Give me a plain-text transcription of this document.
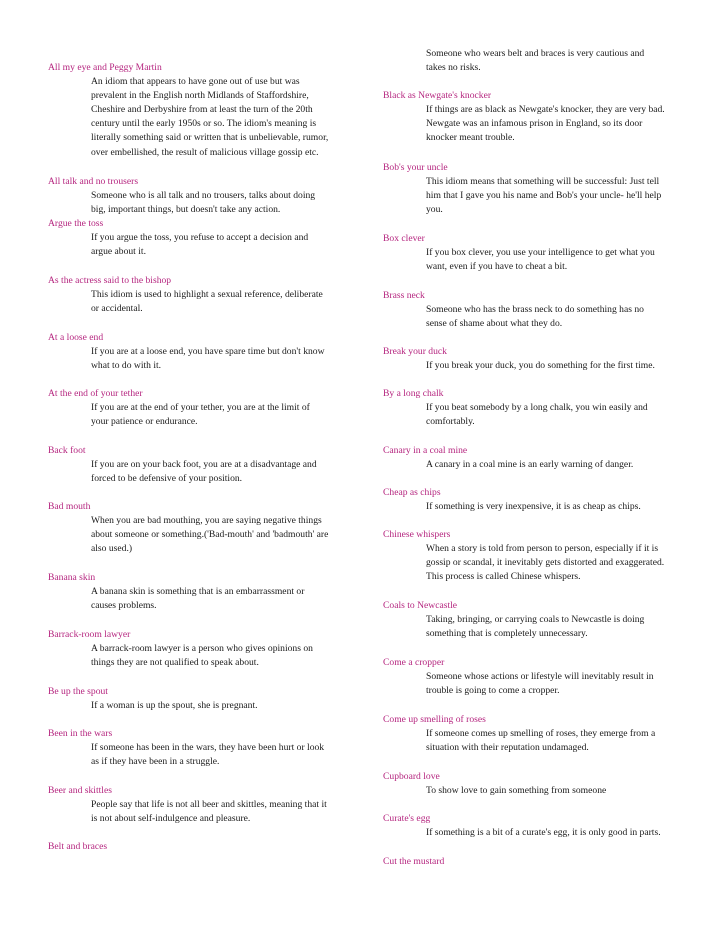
All my eye and Peggy Martin
An idiom that appears to have gone out of use but was
prevalent in the English north Midlands of Staffordshire,
Cheshire and Derbyshire from at least the turn of the 20th
century until the early 1950s or so. The idiom's meaning is
literally something said or written that is unbelievable, rumor,
over embellished, the result of malicious village gossip etc.
All talk and no trousers
Someone who is all talk and no trousers, talks about doing
big, important things, but doesn't take any action.
Argue the toss
If you argue the toss, you refuse to accept a decision and
argue about it.
As the actress said to the bishop
This idiom is used to highlight a sexual reference, deliberate
or accidental.
At a loose end
If you are at a loose end, you have spare time but don't know
what to do with it.
At the end of your tether
If you are at the end of your tether, you are at the limit of
your patience or endurance.
Back foot
If you are on your back foot, you are at a disadvantage and
forced to be defensive of your position.
Bad mouth
When you are bad mouthing, you are saying negative things
about someone or something.('Bad-mouth' and 'badmouth' are
also used.)
Banana skin
A banana skin is something that is an embarrassment or
causes problems.
Barrack-room lawyer
A barrack-room lawyer is a person who gives opinions on
things they are not qualified to speak about.
Be up the spout
If a woman is up the spout, she is pregnant.
Been in the wars
If someone has been in the wars, they have been hurt or look
as if they have been in a struggle.
Beer and skittles
People say that life is not all beer and skittles, meaning that it
is not about self-indulgence and pleasure.
Belt and braces
Someone who wears belt and braces is very cautious and
takes no risks.
Black as Newgate's knocker
If things are as black as Newgate's knocker, they are very bad.
Newgate was an infamous prison in England, so its door
knocker meant trouble.
Bob's your uncle
This idiom means that something will be successful: Just tell
him that I gave you his name and Bob's your uncle- he'll help
you.
Box clever
If you box clever, you use your intelligence to get what you
want, even if you have to cheat a bit.
Brass neck
Someone who has the brass neck to do something has no
sense of shame about what they do.
Break your duck
If you break your duck, you do something for the first time.
By a long chalk
If you beat somebody by a long chalk, you win easily and
comfortably.
Canary in a coal mine
A canary in a coal mine is an early warning of danger.
Cheap as chips
If something is very inexpensive, it is as cheap as chips.
Chinese whispers
When a story is told from person to person, especially if it is
gossip or scandal, it inevitably gets distorted and exaggerated.
This process is called Chinese whispers.
Coals to Newcastle
Taking, bringing, or carrying coals to Newcastle is doing
something that is completely unnecessary.
Come a cropper
Someone whose actions or lifestyle will inevitably result in
trouble is going to come a cropper.
Come up smelling of roses
If someone comes up smelling of roses, they emerge from a
situation with their reputation undamaged.
Cupboard love
To show love to gain something from someone
Curate's egg
If something is a bit of a curate's egg, it is only good in parts.
Cut the mustard
